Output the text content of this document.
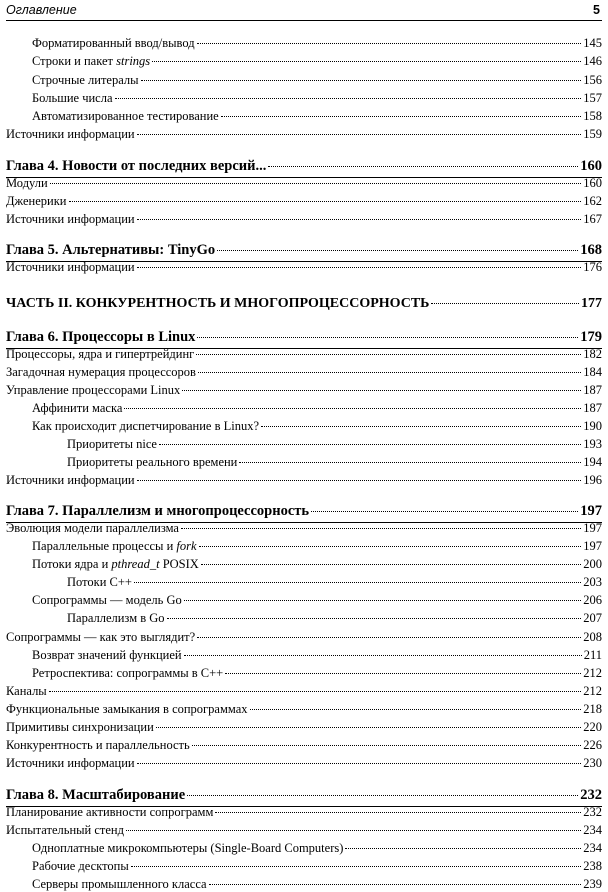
Оглавление	5
Форматированный ввод/вывод	145
Строки и пакет strings	146
Строчные литералы	156
Большие числа	157
Автоматизированное тестирование	158
Источники информации	159
Глава 4. Новости от последних версий...	160
Модули	160
Дженерики	162
Источники информации	167
Глава 5. Альтернативы: TinyGo	168
Источники информации	176
ЧАСТЬ II. КОНКУРЕНТНОСТЬ И МНОГОПРОЦЕССОРНОСТЬ	177
Глава 6. Процессоры в Linux	179
Процессоры, ядра и гипертрейдинг	182
Загадочная нумерация процессоров	184
Управление процессорами Linux	187
Аффинити маска	187
Как происходит диспетчирование в Linux?	190
Приоритеты nice	193
Приоритеты реального времени	194
Источники информации	196
Глава 7. Параллелизм и многопроцессорность	197
Эволюция модели параллелизма	197
Параллельные процессы и fork	197
Потоки ядра и pthread_t POSIX	200
Потоки C++	203
Сопрограммы — модель Go	206
Параллелизм в Go	207
Сопрограммы — как это выглядит?	208
Возврат значений функцией	211
Ретроспектива: сопрограммы в C++	212
Каналы	212
Функциональные замыкания в сопрограммах	218
Примитивы синхронизации	220
Конкурентность и параллельность	226
Источники информации	230
Глава 8. Масштабирование	232
Планирование активности сопрограмм	232
Испытательный стенд	234
Одноплатные микрокомпьютеры (Single-Board Computers)	234
Рабочие десктопы	238
Серверы промышленного класса	239
